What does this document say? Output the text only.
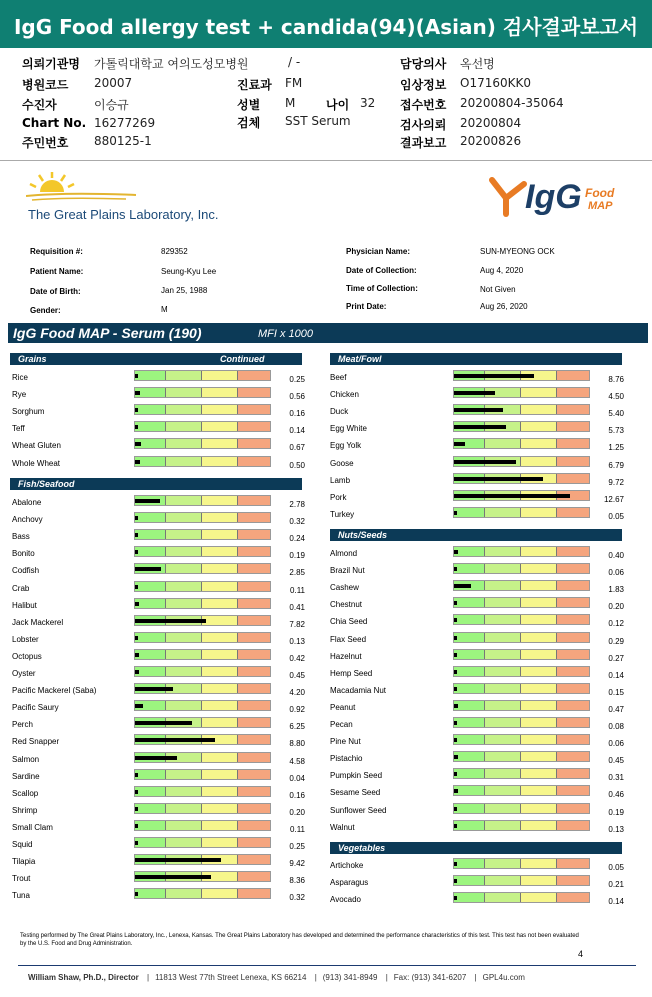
IgG Food allergy test + candida(94)(Asian) 검사결과보고서
의뢰기관명 가톨릭대학교 여의도성모병원	/ -	담당의사 옥선명
병원코드 20007	진료과 FM	임상정보 O17160KK0
수진자	이승규	성별 M	나이 32 접수번호 20200804-35064
Chart No. 16277269	검체 SST Serum	검사의뢰 20200804
주민번호 880125-1	결과보고 20200826
The Great Plains Laboratory, Inc.	IgG Food
MAP
Requisition #:	829352
Patient Name:	Seung-Kyu Lee
Date of Birth:	Jan 25, 1988
Gender:	M
Physician Name:	SUN-MYEONG OCK
Date of Collection:	Aug 4, 2020
Time of Collection:	Not Given
Print Date:	Aug 26, 2020
IgG Food MAP - Serum (190)	MFI x 1000
Grains	Continued
Fish/Seafood
Meat/Fowl
Nuts/Seeds
Vegetables
Rice	0.25
Rye	0.56
Sorghum	0.16
Teff	0.14
Wheat Gluten	0.67
Whole Wheat	0.50
Abalone	2.78
Anchovy	0.32
Bass	0.24
Bonito	0.19
Codfish	2.85
Crab	0.11
Halibut	0.41
Jack Mackerel	7.82
Lobster	0.13
Octopus	0.42
Oyster	0.45
Pacific Mackerel (Saba)	4.20
Pacific Saury	0.92
Perch	6.25
Red Snapper	8.80
Salmon	4.58
Sardine	0.04
Scallop	0.16
Shrimp	0.20
Small Clam	0.11
Squid	0.25
Tilapia	9.42
Trout	8.36
Tuna	0.32
Beef	8.76
Chicken	4.50
Duck	5.40
Egg White	5.73
Egg Yolk	1.25
Goose	6.79
Lamb	9.72
Pork	12.67
Turkey	0.05
Almond	0.40
Brazil Nut	0.06
Cashew	1.83
Chestnut	0.20
Chia Seed	0.12
Flax Seed	0.29
Hazelnut	0.27
Hemp Seed	0.14
Macadamia Nut	0.15
Peanut	0.47
Pecan	0.08
Pine Nut	0.06
Pistachio	0.45
Pumpkin Seed	0.31
Sesame Seed	0.46
Sunflower Seed	0.19
Walnut	0.13
Artichoke	0.05
Asparagus	0.21
Avocado	0.14
Testing performed by The Great Plains Laboratory, Inc., Lenexa, Kansas. The Great Plains Laboratory has developed and determined the performance characteristics of this test. This test has not been evaluated by the U.S. Food and Drug Administration.
4
William Shaw, Ph.D., Director | 11813 West 77th Street Lenexa, KS 66214 | (913) 341-8949 | Fax: (913) 341-6207 | GPL4u.com
